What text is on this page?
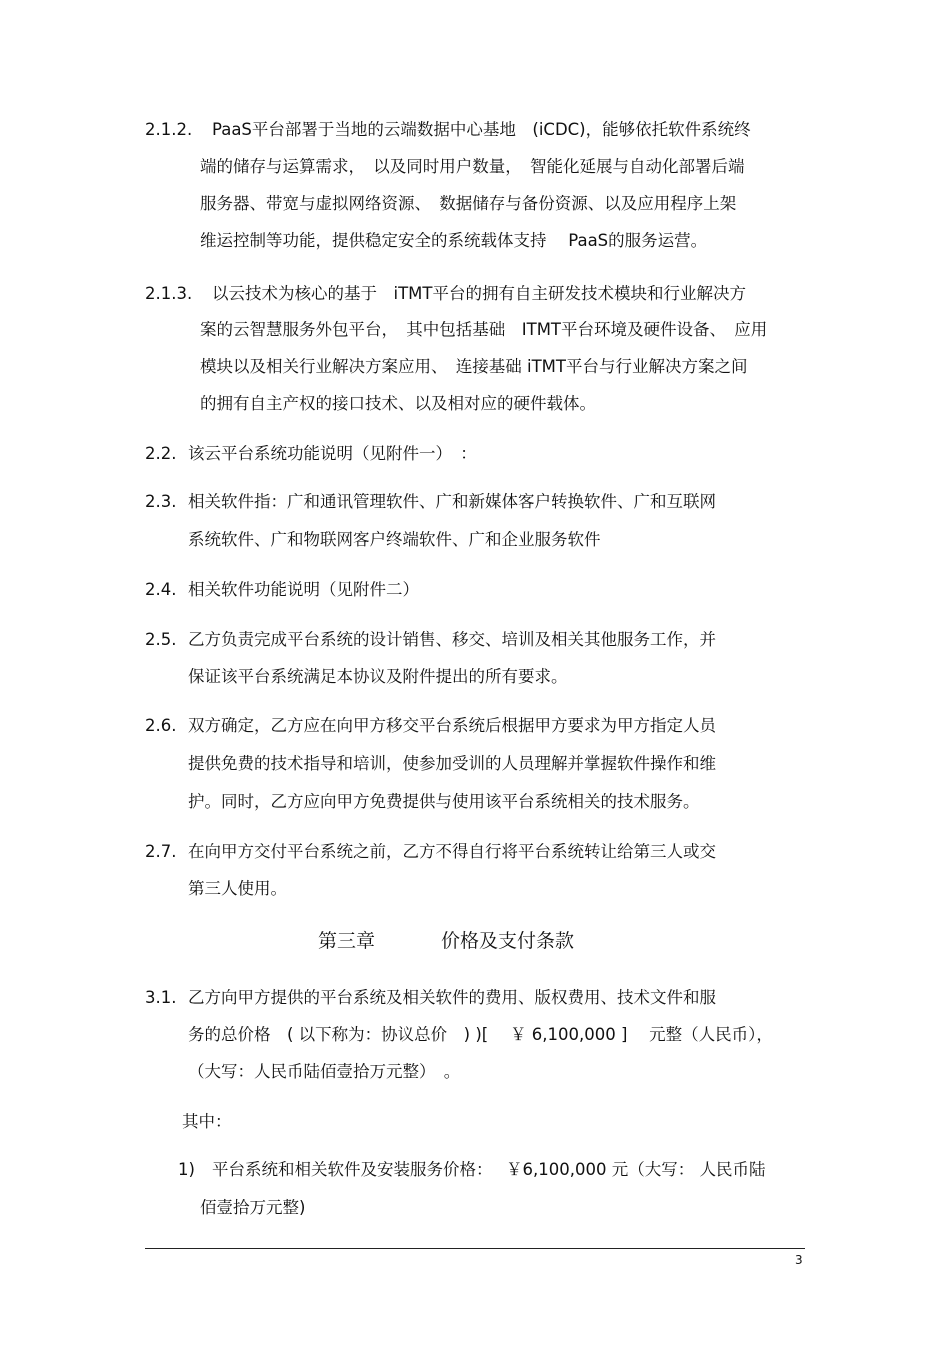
2.1.2. PaaS平台部署于当地的云端数据中心基地　(iCDC)，能够依托软件系统终
端的储存与运算需求，　以及同时用户数量，　智能化延展与自动化部署后端
服务器、带宽与虚拟网络资源、　数据储存与备份资源、以及应用程序上架
维运控制等功能，提供稳定安全的系统载体支持　 PaaS的服务运营。
2.1.3. 以云技术为核心的基于　iTMT平台的拥有自主研发技术模块和行业解决方
案的云智慧服务外包平台，　其中包括基础　ITMT平台环境及硬件设备、　应用
模块以及相关行业解决方案应用、　连接基础 iTMT平台与行业解决方案之间
的拥有自主产权的接口技术、以及相对应的硬件载体。
2.2. 该云平台系统功能说明（见附件一）　：
2.3. 相关软件指：广和通讯管理软件、广和新媒体客户转换软件、广和互联网
系统软件、广和物联网客户终端软件、广和企业服务软件
2.4. 相关软件功能说明（见附件二）
2.5. 乙方负责完成平台系统的设计销售、移交、培训及相关其他服务工作，并
保证该平台系统满足本协议及附件提出的所有要求。
2.6. 双方确定，乙方应在向甲方移交平台系统后根据甲方要求为甲方指定人员
提供免费的技术指导和培训，使参加受训的人员理解并掌握软件操作和维
护。同时，乙方应向甲方免费提供与使用该平台系统相关的技术服务。
2.7. 在向甲方交付平台系统之前，乙方不得自行将平台系统转让给第三人或交
第三人使用。
第三章	价格及支付条款
3.1. 乙方向甲方提供的平台系统及相关软件的费用、版权费用、技术文件和服
务的总价格　( 以下称为：协议总价　) )[　 ￥ 6,100,000 ]　 元整（人民币），
（大写：人民币陆佰壹拾万元整）　。
其中：
1) 平台系统和相关软件及安装服务价格：　 ￥6,100,000 元（大写： 人民币陆
佰壹拾万元整)
3
